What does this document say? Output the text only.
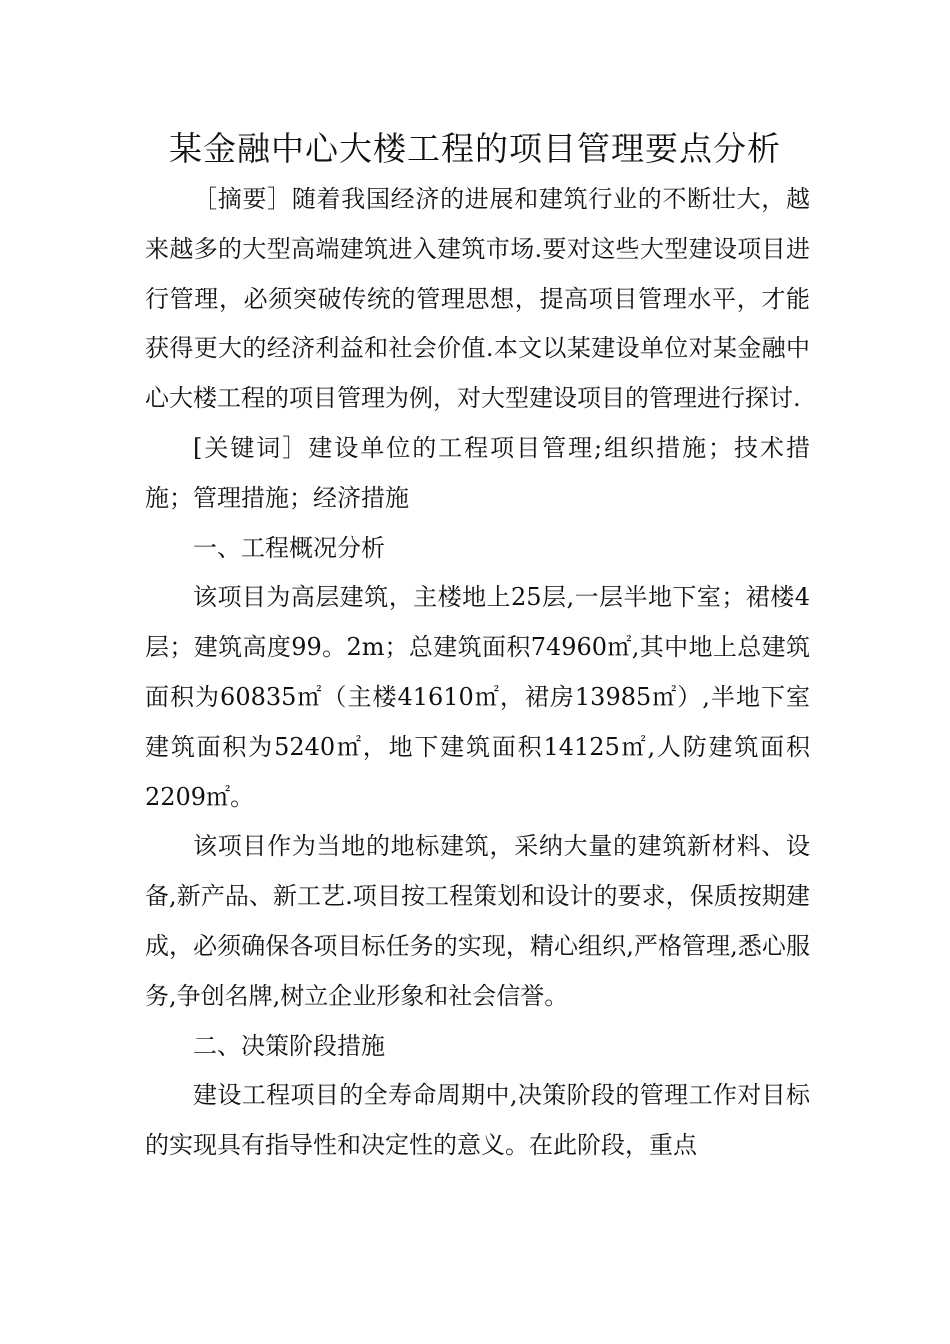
某金融中心大楼工程的项目管理要点分析

［摘要］随着我国经济的进展和建筑行业的不断壮大，越来越多的大型高端建筑进入建筑市场.要对这些大型建设项目进行管理，必须突破传统的管理思想，提高项目管理水平，才能获得更大的经济利益和社会价值.本文以某建设单位对某金融中心大楼工程的项目管理为例，对大型建设项目的管理进行探讨.

[关键词］建设单位的工程项目管理;组织措施；技术措施；管理措施；经济措施

一、工程概况分析

该项目为高层建筑，主楼地上25层,一层半地下室；裙楼4层；建筑高度99。2m；总建筑面积74960㎡,其中地上总建筑面积为60835㎡（主楼41610㎡，裙房13985㎡）,半地下室建筑面积为5240㎡，地下建筑面积14125㎡,人防建筑面积2209㎡。

该项目作为当地的地标建筑，采纳大量的建筑新材料、设备,新产品、新工艺.项目按工程策划和设计的要求，保质按期建成，必须确保各项目标任务的实现，精心组织,严格管理,悉心服务,争创名牌,树立企业形象和社会信誉。

二、决策阶段措施

建设工程项目的全寿命周期中,决策阶段的管理工作对目标的实现具有指导性和决定性的意义。在此阶段，重点
